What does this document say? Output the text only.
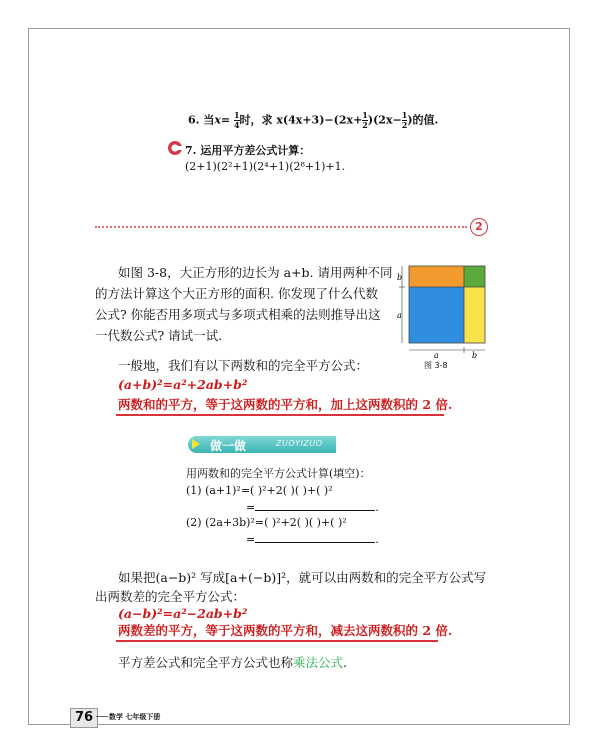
6. 当$x= \frac{1}{4}$ 时，求 $x(4x+3)-(2x+ \frac{1}{2} )(2x- \frac{1}{2}$ )的值.
7. 运用平方差公式计算：
(2+1)(2²+1)(2⁴+1)(2⁸+1)+1.
2
如图 3-8，大正方形的边长为 a+b. 请用两种不同
的方法计算这个大正方形的面积. 你发现了什么代数
公式? 你能否用多项式与多项式相乘的法则推导出这
一代数公式? 请试一试.
b
a
a	b
图 3-8
一般地，我们有以下两数和的完全平方公式：
(a+b)²=a²+2ab+b²
两数和的平方，等于这两数的平方和，加上这两数积的 2 倍.
做一做	ZUOYIZUO
用两数和的完全平方公式计算(填空)：
(1) (a+1)²=( )²+2( )( )+( )²
=	.
(2) (2a+3b)²=( )²+2( )( )+( )²
=	.
如果把(a−b)² 写成[a+(−b)]²，就可以由两数和的完全平方公式写
出两数差的完全平方公式：
(a−b)²=a²−2ab+b²
两数差的平方，等于这两数的平方和，减去这两数积的 2 倍.
平方差公式和完全平方公式也称乘法公式.
76	数学 七年级下册
